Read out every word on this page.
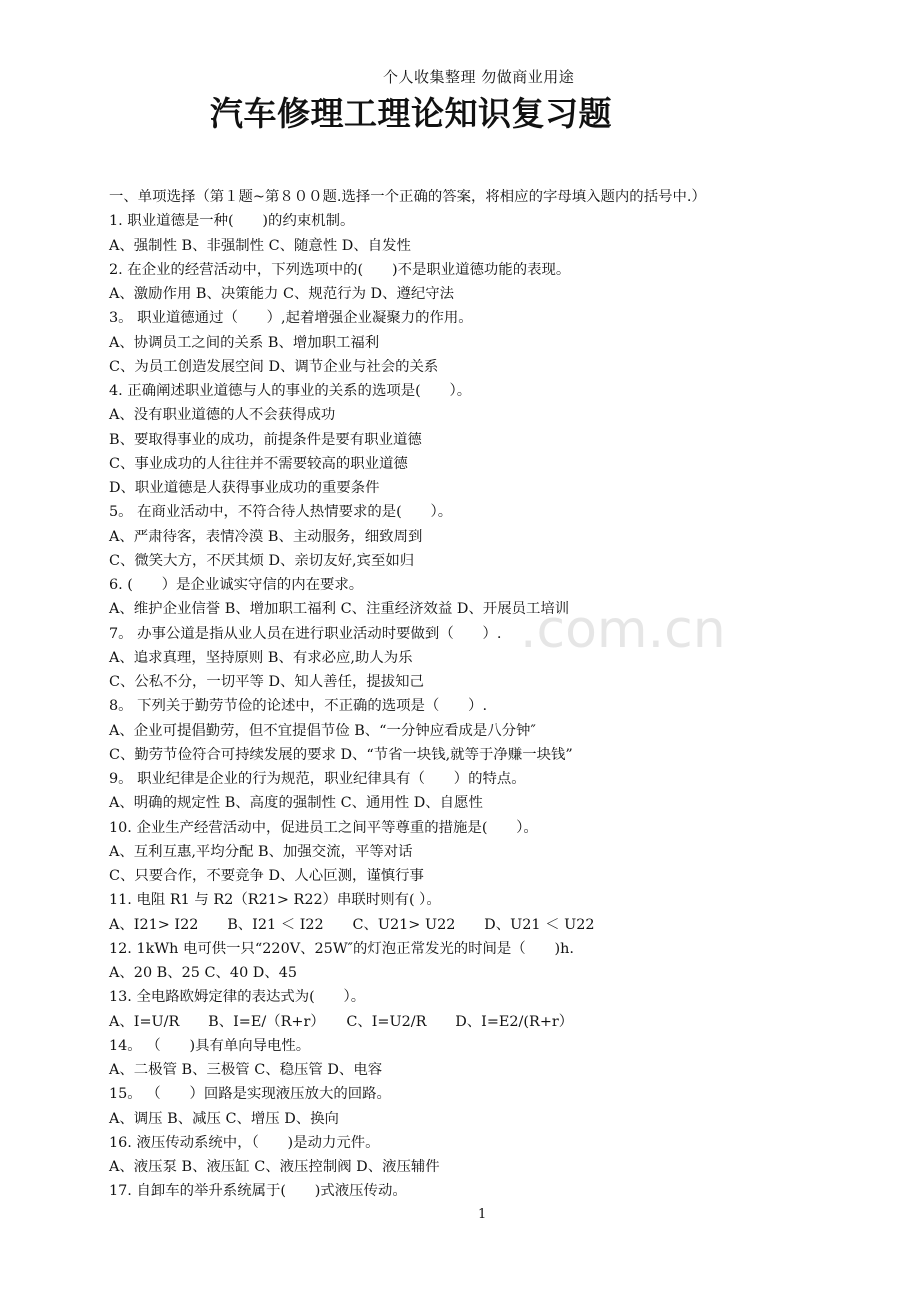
个人收集整理 勿做商业用途
汽车修理工理论知识复习题
.com.cn
一、单项选择（第１题~第８００题.选择一个正确的答案，将相应的字母填入题内的括号中.）
1. 职业道德是一种(　　)的约束机制。
A、强制性 B、非强制性 C、随意性 D、自发性
2. 在企业的经营活动中，下列选项中的(　　)不是职业道德功能的表现。
A、激励作用 B、决策能力 C、规范行为 D、遵纪守法
3。 职业道德通过（　　）,起着增强企业凝聚力的作用。
A、协调员工之间的关系 B、增加职工福利
C、为员工创造发展空间 D、调节企业与社会的关系
4. 正确阐述职业道德与人的事业的关系的选项是(　　）。
A、没有职业道德的人不会获得成功
B、要取得事业的成功，前提条件是要有职业道德
C、事业成功的人往往并不需要较高的职业道德
D、职业道德是人获得事业成功的重要条件
5。 在商业活动中，不符合待人热情要求的是(　　）。
A、严肃待客，表情冷漠 B、主动服务，细致周到
C、微笑大方，不厌其烦 D、亲切友好,宾至如归
6. (　　）是企业诚实守信的内在要求。
A、维护企业信誉 B、增加职工福利 C、注重经济效益 D、开展员工培训
7。 办事公道是指从业人员在进行职业活动时要做到（　　）.
A、追求真理，坚持原则 B、有求必应,助人为乐
C、公私不分，一切平等 D、知人善任，提拔知己
8。 下列关于勤劳节俭的论述中，不正确的选项是（　　）.
A、企业可提倡勤劳，但不宜提倡节俭 B、“一分钟应看成是八分钟″
C、勤劳节俭符合可持续发展的要求 D、“节省一块钱,就等于净赚一块钱”
9。 职业纪律是企业的行为规范，职业纪律具有（　　）的特点。
A、明确的规定性 B、高度的强制性 C、通用性 D、自愿性
10. 企业生产经营活动中，促进员工之间平等尊重的措施是(　　）。
A、互利互惠,平均分配 B、加强交流，平等对话
C、只要合作，不要竞争 D、人心叵测，谨慎行事
11. 电阻 R1 与 R2（R21> R22）串联时则有( ）。
A、I21> I22　　B、I21 ＜ I22　　C、U21> U22　　D、U21 ＜ U22
12. 1kWh 电可供一只“220V、25W″的灯泡正常发光的时间是（　　)h.
A、20 B、25 C、40 D、45
13. 全电路欧姆定律的表达式为(　　）。
A、I=U/R　　B、I=E/（R+r）　　C、I=U2/R　　D、I=E2/(R+r）
14。 （　　)具有单向导电性。
A、二极管 B、三极管 C、稳压管 D、电容
15。 （　　）回路是实现液压放大的回路。
A、调压 B、减压 C、增压 D、换向
16. 液压传动系统中，（　　)是动力元件。
A、液压泵 B、液压缸 C、液压控制阀 D、液压辅件
17. 自卸车的举升系统属于(　　)式液压传动。
1
